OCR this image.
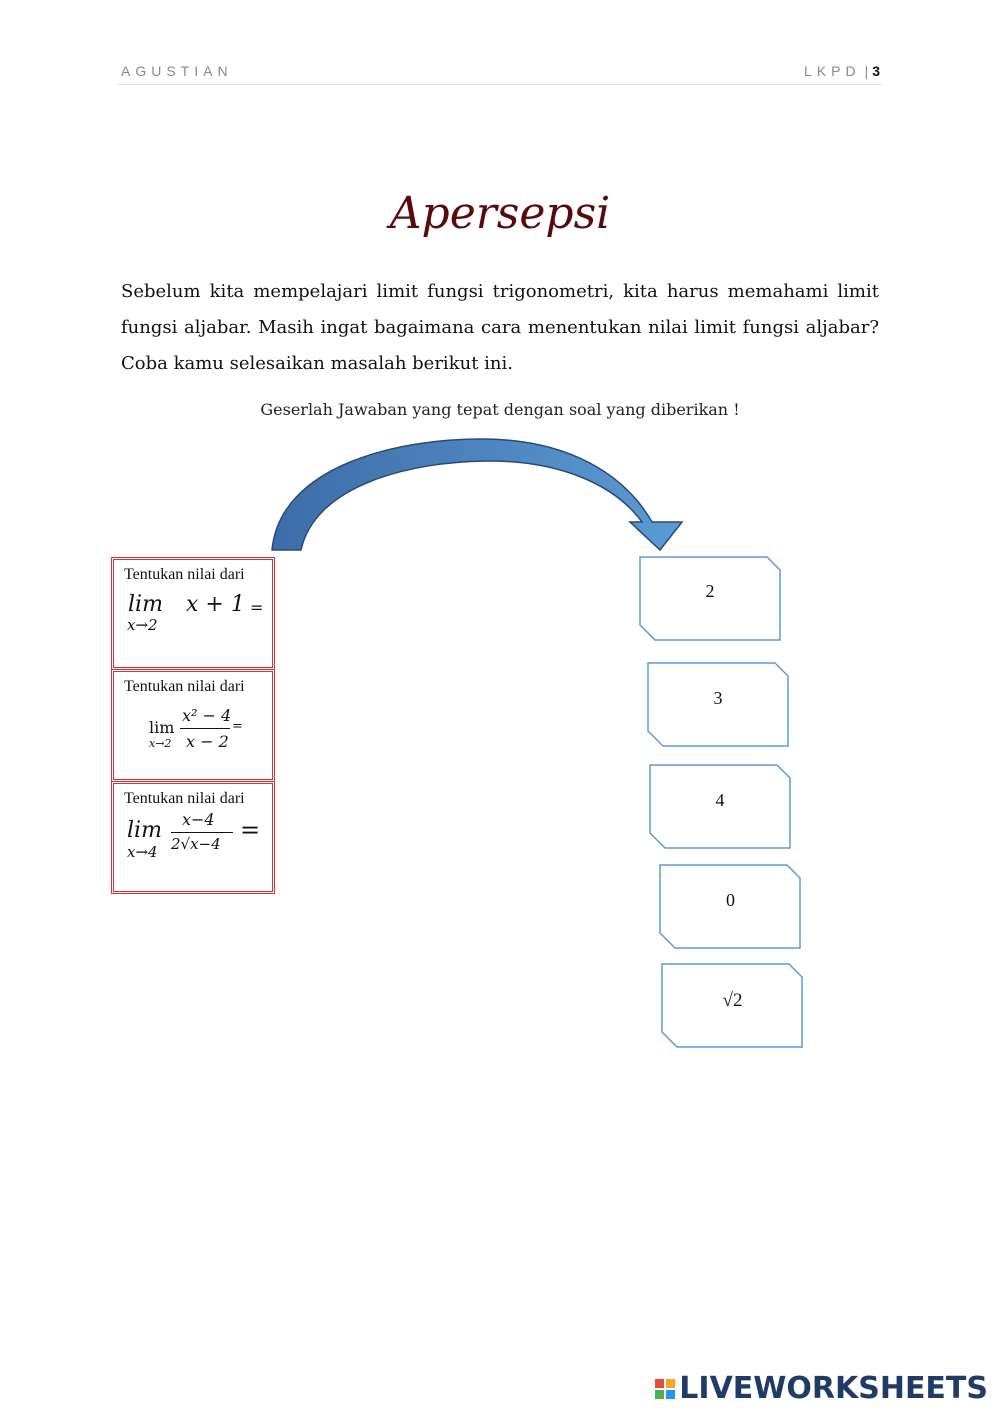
AGUSTIAN	LKPD | 3
Apersepsi

Sebelum kita mempelajari limit fungsi trigonometri, kita harus memahami limit fungsi aljabar. Masih ingat bagaimana cara menentukan nilai limit fungsi aljabar? Coba kamu selesaikan masalah berikut ini.

Geserlah Jawaban yang tepat dengan soal yang diberikan !
Tentukan nilai dari
lim
x→2
x + 1 =
Tentukan nilai dari
lim
x→2
x² − 4
x − 2
=
Tentukan nilai dari
lim
x→4
x−4
2√x−4 =
2
3
4
0
√2
LIVEWORKSHEETS
